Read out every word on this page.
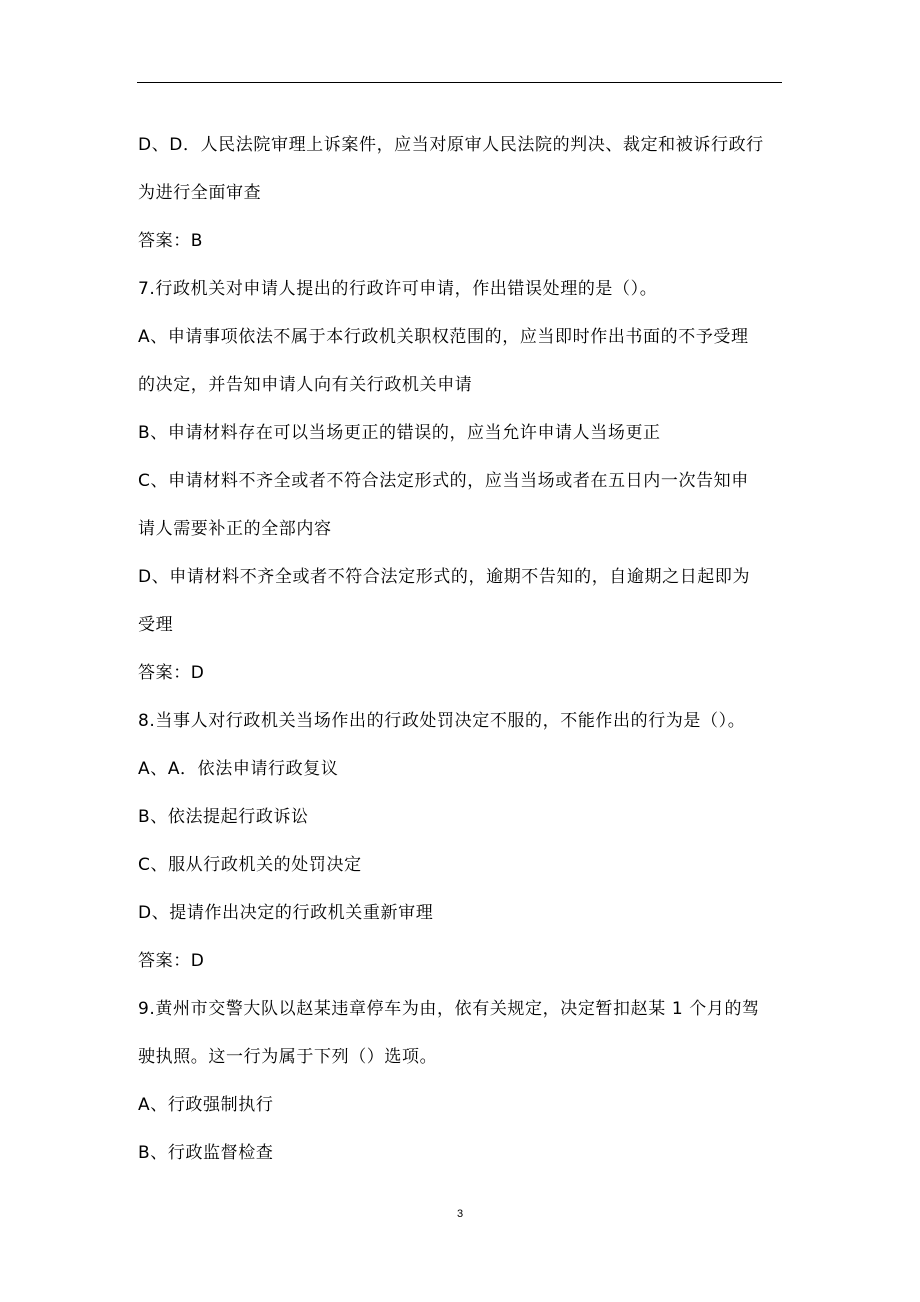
D、D．人民法院审理上诉案件，应当对原审人民法院的判决、裁定和被诉行政行
为进行全面审查
答案：B
7.行政机关对申请人提出的行政许可申请，作出错误处理的是（）。
A、申请事项依法不属于本行政机关职权范围的，应当即时作出书面的不予受理
的决定，并告知申请人向有关行政机关申请
B、申请材料存在可以当场更正的错误的，应当允许申请人当场更正
C、申请材料不齐全或者不符合法定形式的，应当当场或者在五日内一次告知申
请人需要补正的全部内容
D、申请材料不齐全或者不符合法定形式的，逾期不告知的，自逾期之日起即为
受理
答案：D
8.当事人对行政机关当场作出的行政处罚决定不服的，不能作出的行为是（）。
A、A．依法申请行政复议
B、依法提起行政诉讼
C、服从行政机关的处罚决定
D、提请作出决定的行政机关重新审理
答案：D
9.黄州市交警大队以赵某违章停车为由，依有关规定，决定暂扣赵某 1 个月的驾
驶执照。这一行为属于下列（）选项。
A、行政强制执行
B、行政监督检查
3
